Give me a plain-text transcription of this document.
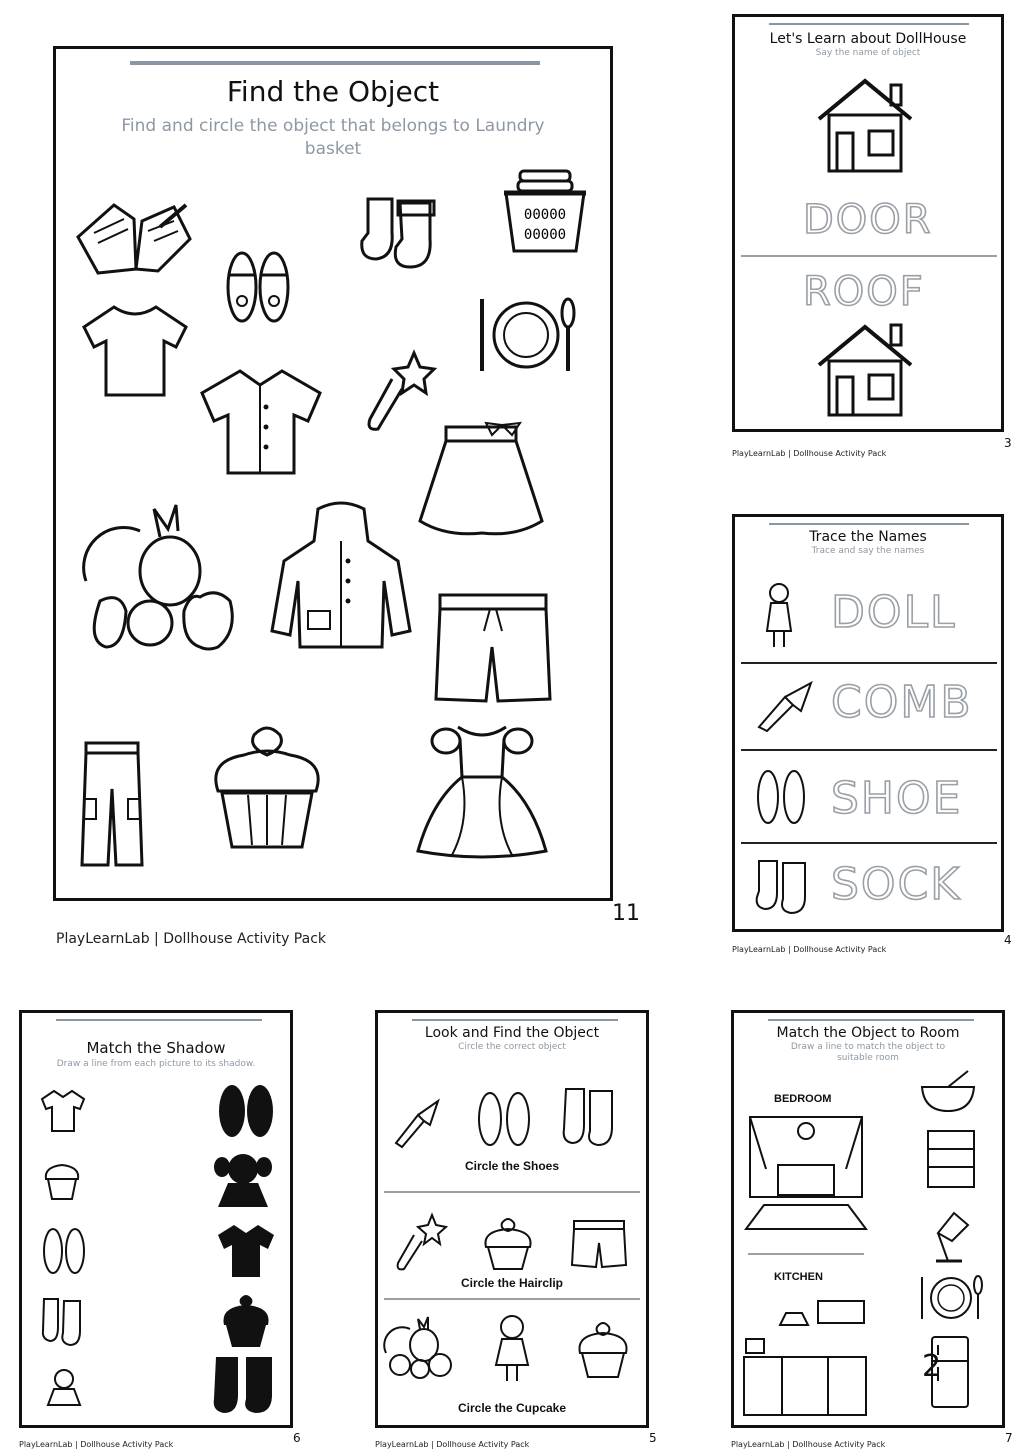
Find the Object
Find and circle the object that belongs to Laundry basket
00000
00000
11
PlayLearnLab | Dollhouse Activity Pack
Let's Learn about DollHouse
Say the name of object
DOOR
ROOF
3
PlayLearnLab | Dollhouse Activity Pack
Trace the Names
Trace and say the names
DOLL
COMB
SHOE
SOCK
4
PlayLearnLab | Dollhouse Activity Pack
Match the Shadow
Draw a line from each picture to its shadow.
6
PlayLearnLab | Dollhouse Activity Pack
Look and Find the Object
Circle the correct object
Circle the Shoes
Circle the Hairclip
Circle the Cupcake
5
PlayLearnLab | Dollhouse Activity Pack
Match the Object to Room
Draw a line to match the object to suitable room
BEDROOM
KITCHEN
2
7
PlayLearnLab | Dollhouse Activity Pack
